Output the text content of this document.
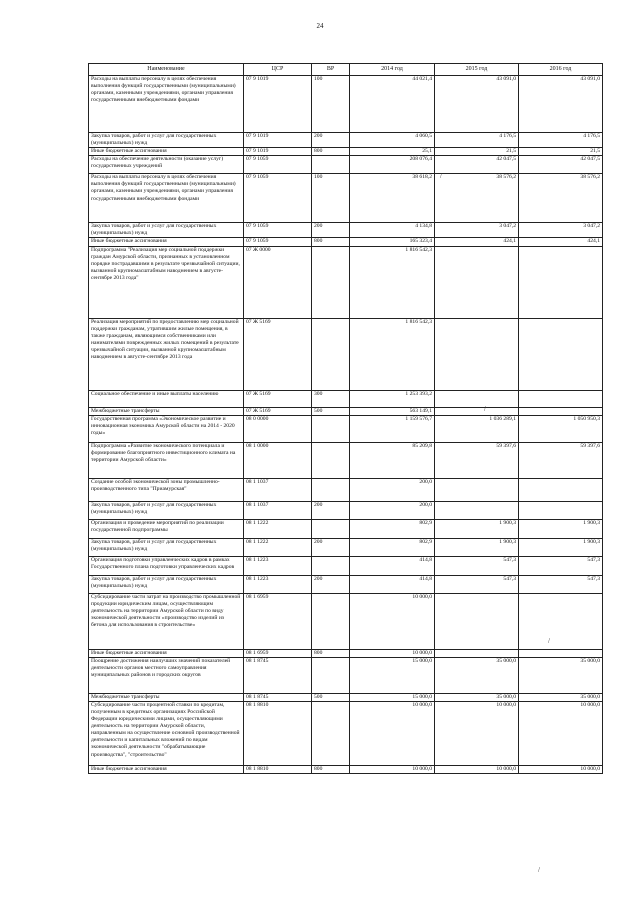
24
Наименование	ЦСР	ВР	2014 год	2015 год	2016 год
Расходы на выплаты персоналу в целях обеспечения выполнения функций государственными (муниципальными) органами, казенными учреждениями, органами управления государственными внебюджетными фондами	07 9 1019	100	44 021,4	43 091,0	43 091,0
Закупка товаров, работ и услуг для государственных (муниципальных) нужд	07 9 1019	200	4 060,5	4 176,5	4 176,5
Иные бюджетные ассигнования	07 9 1019	800	25,1	21,5	21,5
Расходы на обеспечение деятельности (оказание услуг) государственных учреждений	07 9 1059		208 076,4	42 047,5	42 047,5
Расходы на выплаты персоналу в целях обеспечения выполнения функций государственными (муниципальными) органами, казенными учреждениями, органами управления государственными внебюджетными фондами	07 9 1059	100	38 618,2	38 576,2	38 576,2
Закупка товаров, работ и услуг для государственных (муниципальных) нужд	07 9 1059	200	4 134,8	3 047,2	3 047,2
Иные бюджетные ассигнования	07 9 1059	800	165 323,4	424,1	424,1
Подпрограмма "Реализация мер социальной поддержки граждан Амурской области, признанных в установленном порядке пострадавшими в результате чрезвычайной ситуации, вызванной крупномасштабным наводнением в августе-сентябре 2013 года"	07 Ж 0000		1 816 542,3		
Реализация мероприятий по предоставлению мер социальной поддержки гражданам, утратившим жилые помещения, в также гражданам, являющимся собственниками или нанимателями поврежденных жилых помещений в результате чрезвычайной ситуации, вызванной крупномасштабным наводнением в августе-сентябре 2013 года	07 Ж 5169		1 816 542,3		
Социальное обеспечение и иные выплаты населению	07 Ж 5169	300	1 253 393,2		
Межбюджетные трансферты	07 Ж 5169	500	563 149,1		
Государственная программа «Экономическое развитие и инновационная экономика Амурской области на 2014 - 2020 годы»	08 0 0000		1 159 576,7	1 036 289,1	1 050 950,3
Подпрограмма «Развитие экономического потенциала и формирование благоприятного инвестиционного климата на территории Амурской области»	08 1 0000		85 209,8	59 397,6	59 397,6
Создание особой экономической зоны промышленно-производственного типа "Приамурская"	08 1 1037		200,0		
Закупка товаров, работ и услуг для государственных (муниципальных) нужд	08 1 1037	200	200,0		
Организация и проведение мероприятий по реализации государственной подпрограммы	08 1 1222		802,9	1 900,3	1 900,3
Закупка товаров, работ и услуг для государственных (муниципальных) нужд	08 1 1222	200	802,9	1 900,3	1 900,3
Организация подготовки управленческих кадров в рамках Государственного плана подготовки управленческих кадров	08 1 1223		414,8	547,3	547,3
Закупка товаров, работ и услуг для государственных (муниципальных) нужд	08 1 1223	200	414,8	547,3	547,3
Субсидирование части затрат на производство промышленной продукции юридическим лицам, осуществляющим деятельность на территории Амурской области по виду экономической деятельности «производство изделий из бетона для использования в строительстве»	08 1 6959		10 000,0		
Иные бюджетные ассигнования	08 1 6959	800	10 000,0		
Поощрение достижения наилучших значений показателей деятельности органов местного самоуправления муниципальных районов и городских округов	08 1 8745		15 000,0	35 000,0	35 000,0
Межбюджетные трансферты	08 1 8745	500	15 000,0	35 000,0	35 000,0
Субсидирование части процентной ставки по кредитам, полученным в кредитных организациях Российской Федерации юридическими лицами, осуществляющими деятельность на территории Амурской области, направленным на осуществление основной производственной деятельности и капитальных вложений по видам экономической деятельности "обрабатывающие производства", "строительство"	08 1 8810		10 000,0	10 000,0	10 000,0
Иные бюджетные ассигнования	08 1 8810	800	10 000,0	10 000,0	10 000,0
/
/
/
/
